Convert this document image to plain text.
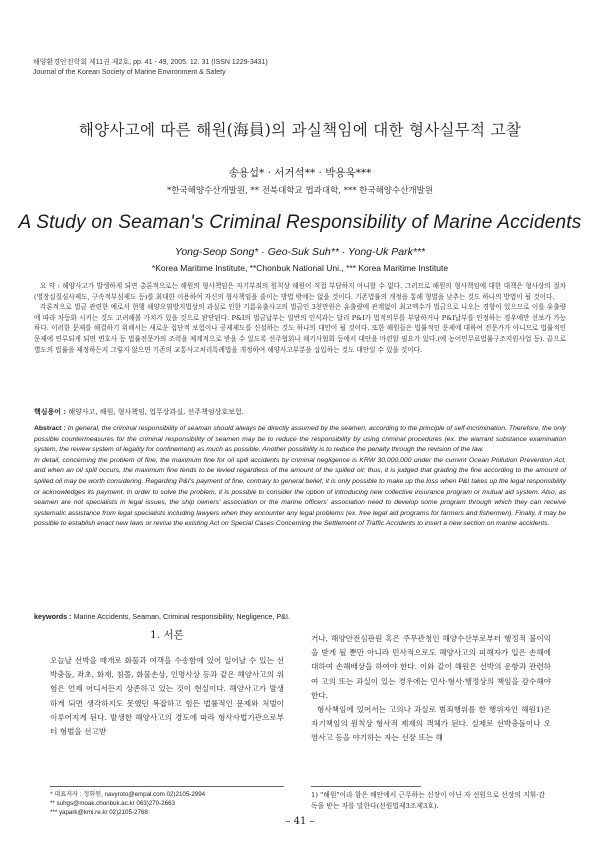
해양환경안전학회 제11권 제2호, pp. 41 - 49, 2005. 12. 31 (ISSN 1229-3431)
Journal of the Korean Society of Marine Environment & Safety
해양사고에 따른 해원(海員)의 과실책임에 대한 형사실무적 고찰
송용섭* · 서거석** · 박용욱***
*한국해양수산개발원, ** 전북대학교 법과대학, *** 한국해양수산개발원
A Study on Seaman's Criminal Responsibility of Marine Accidents
Yong-Seop Song* · Geo-Suk Suh** · Yong-Uk Park***
*Korea Maritime Institute, **Chonbuk National Uni., *** Korea Maritime Institute

요 약 : 해양사고가 발생하게 되면 총론적으로는 해원의 형사책임은 자기부죄의 원칙상 해원이 직접 부담하지 아니할 수 없다. 그러므로 해원의 형사책임에 대한 대책은 형사상의 절차(영장실질심사제도, 구속적부심제도 등)를 최대한 이용하여 자신의 형사책임을 줄이는 방법 밖에는 없을 것이다. 기존법률의 개정을 통해 형벌을 낮추는 것도 하나의 방법이 될 것이다.

각론적으로 벌금 관련한 예로서 현행 해양오염방지법상의 과실로 인한 기름유출사고의 벌금인 3천만원은 유출량에 관계없이 최고액수가 벌금으로 나오는 경향이 있으므로 이를 유출량에 따라 차등화 시키는 것도 고려해볼 가치가 있을 것으로 판단된다. P&I의 벌금납부는 일반의 인식과는 달리 P&I가 법적의무를 부담하거나 P&I납부를 인정하는 경우에만 선보가 가능하다. 이러한 문제를 해결하기 위해서는 새로운 집단적 보험이나 공제제도를 신설하는 것도 하나의 대안이 될 것이다. 또한 해원들은 법률적인 문제에 대하여 전문가가 아니므로 법률적인 문제에 연루되게 되면 변호사 등 법률전문가의 조력을 체계적으로 받을 수 있도록 선주협회나 해기사협회 등에서 대안을 마련할 필요가 있다.(예 농어민무료법률구조지원사업 등). 끝으로 별도의 법률을 제정하든지 그렇지 않으면 기존의 교통사고처리특례법을 개정하여 해양사고부분을 삽입하는 것도 대안일 수 있을 것이다.

핵심용어 : 해양사고, 해원, 형사책임, 업무상과실, 선주책임상호보험.

Abstract : In general, the criminal responsibility of seaman should always be directly assumed by the seamen, according to the principle of self-incrimination. Therefore, the only possible countermeasures for the criminal responsibility of seamen may be to reduce the responsibility by using criminal procedures (ex. the warrant substance examination system, the review system of legality for confinement) as much as possible. Another possibility is to reduce the penalty through the revision of the law.

In detail, concerning the problem of fine, the maximum fine for oil spill accidents by criminal negligence is KRW 30,000,000 under the current Ocean Pollution Prevention Act, and when an oil spill occurs, the maximum fine tends to be levied regardless of the amount of the spilled oil; thus, it is judged that grading the fine according to the amount of spilled oil may be worth considering. Regarding P&I's payment of fine, contrary to general belief, it is only possible to make up the loss when P&I takes up the legal responsibility or acknowledges its payment. In order to solve the problem, it is possible to consider the option of introducing new collective insurance program or mutual aid system. Also, as seamen are not specialists in legal issues, the ship owners' association or the marine officers' association need to develop some program through which they can receive systematic assistance from legal specialists including lawyers when they encounter any legal problems (ex. free legal aid programs for farmers and fishermen). Finally, it may be possible to establish enact new laws or revise the existing Act on Special Cases Concerning the Settlement of Traffic Accidents to insert a new section on marine accidents.

keywords : Marine Accidents, Seaman, Criminal responsibility, Negligence, P&I.
1. 서론

오늘날 선박을 매개로 화물과 여객을 수송함에 있어 일어날 수 있는 선박충돌, 좌초, 화재, 침몰, 화물손상, 인명사상 등과 같은 해양사고의 위험은 언제 어디서든지 상존하고 있는 것이 현실이다. 해양사고가 발생하게 되면 생각하지도 못했던 복잡하고 힘든 법률적인 문제와 처벌이 이루어지게 된다. 발생한 해양사고의 경도에 따라 형사사법기관으로부터 형벌을 선고받

* 대표저자 : 정회원, navyroto@empal.com 02)2105-2994
** suhgs@moak.chonbuk.ac.kr 063)270-2663
*** yapark@kmi.re.kr 02)2105-2768

거나, 해양안전심판원 혹은 주무관청인 해양수산부로부터 행정적 불이익을 받게 될 뿐만 아니라 민사적으로도 해양사고의 피해자가 입은 손해에 대하여 손해배상을 하여야 한다. 이와 같이 해원은 선박의 운항과 관련하여 고의 또는 과실이 있는 경우에는 민사·형사·행정상의 책임을 감수해야 한다.

형사책임에 있어서는 고의나 과실로 범죄행위를 한 행위자인 해원1)은 자기책임의 원칙상 형사적 제재의 객체가 된다. 실제로 선박충돌이나 오염사고 등을 야기하는 자는 선장 또는 해

1) "해원"이라 함은 배안에서 근무하는 선장이 아닌 자 선원으로 선장의 지휘·감독을 받는 자를 말한다(선원법제3조제3호).
– 41 –
